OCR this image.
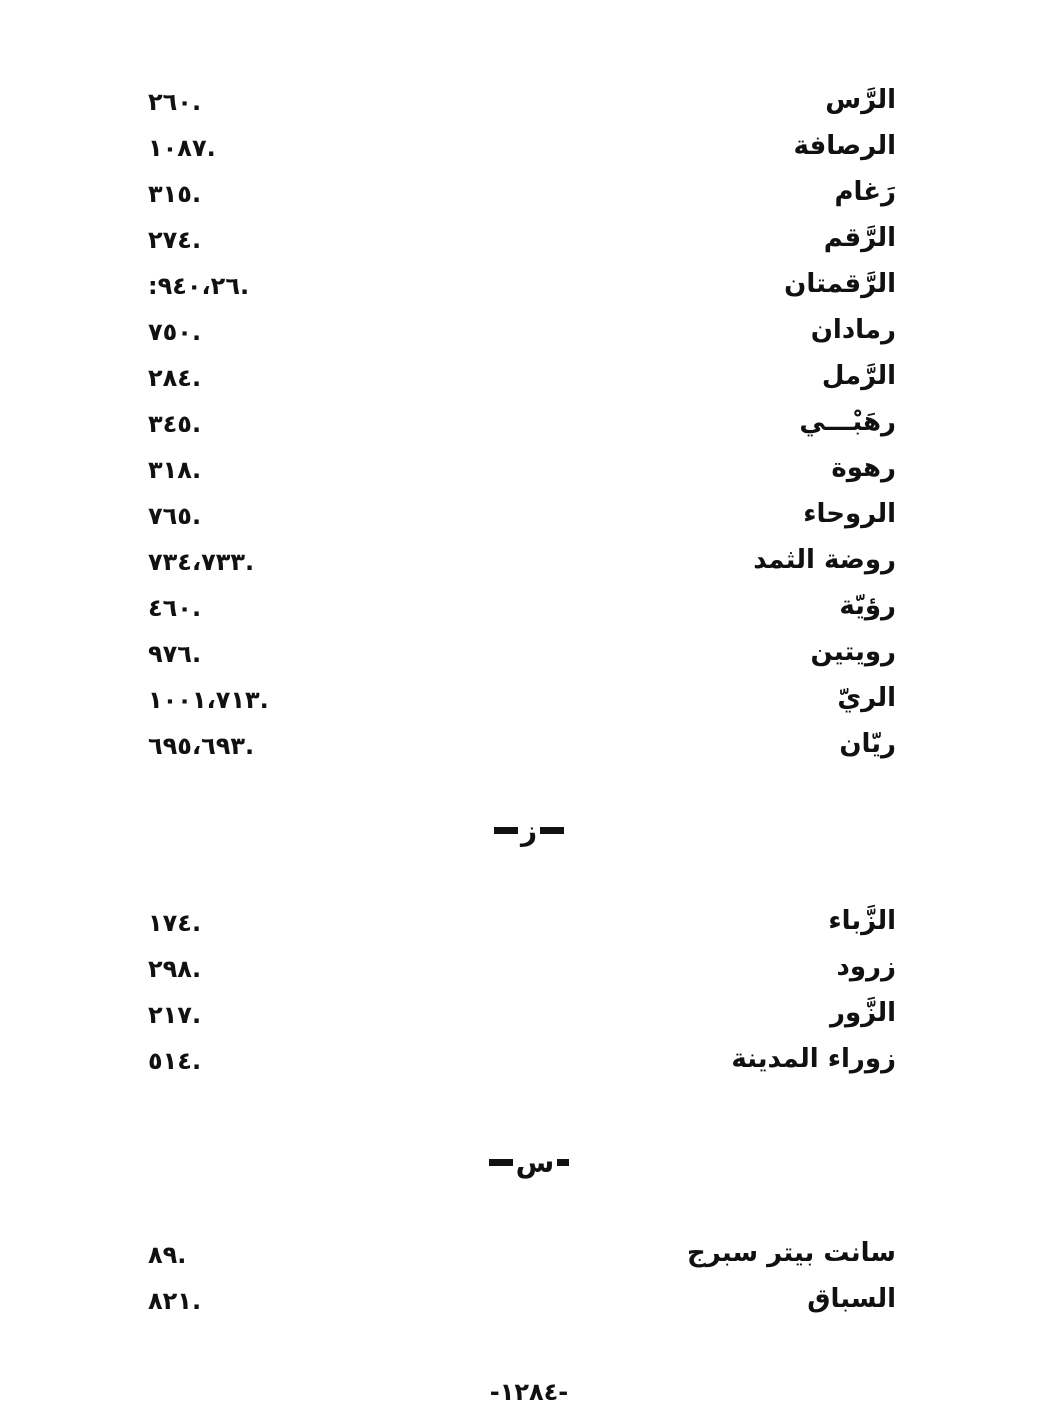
الرَّس
.٢٦٠
الرصافة
.١٠٨٧
رَغام
.٣١٥
الرَّقم
.٢٧٤
الرَّقمتان
.٩٤٠،٢٦:
رمادان
.٧٥٠
الرَّمل
.٢٨٤
رهَبْـــي
.٣٤٥
رهوة
.٣١٨
الروحاء
.٧٦٥
روضة الثمد
.٧٣٤،٧٣٣
رؤيّة
.٤٦٠
رويتين
.٩٧٦
الريّ
.١٠٠١،٧١٣
ريّان
.٦٩٥،٦٩٣
ز
الزَّباء
.١٧٤
زرود
.٢٩٨
الزَّور
.٢١٧
زوراء المدينة
.٥١٤
س
سانت بيتر سبرج
.٨٩
السباق
.٨٢١
-١٢٨٤-
